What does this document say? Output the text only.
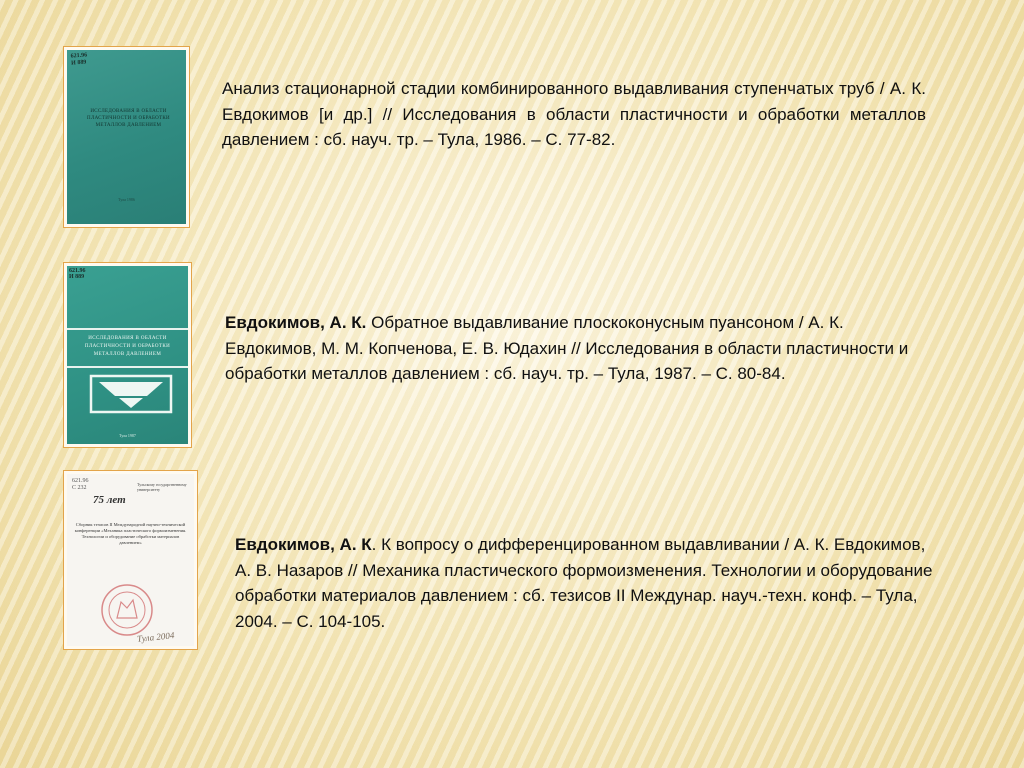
621.96
И 889
ИССЛЕДОВАНИЯ В ОБЛАСТИ ПЛАСТИЧНОСТИ И ОБРАБОТКИ МЕТАЛЛОВ ДАВЛЕНИЕМ
Тула 1986
621.96
И 889
ИССЛЕДОВАНИЯ В ОБЛАСТИ ПЛАСТИЧНОСТИ И ОБРАБОТКИ МЕТАЛЛОВ ДАВЛЕНИЕМ
Тула 1987
621.96
С 232
75 лет
Тульскому государственному университету
Сборник тезисов II Международной научно-технической конференции «Механика пластического формоизменения. Технологии и оборудование обработки материалов давлением»
Тула 2004
Анализ стационарной стадии комбинированного выдавливания ступенчатых труб / А. К. Евдокимов [и др.] // Исследования в области пластичности и обработки металлов давлением : сб. науч. тр. – Тула, 1986. – С. 77-82.
Евдокимов, А. К. Обратное выдавливание плоскоконусным пуансоном / А. К. Евдокимов, М. М. Копченова, Е. В. Юдахин // Исследования в области пластичности и обработки металлов давлением : сб. науч. тр. – Тула, 1987. – С. 80-84.
Евдокимов, А. К. К вопросу о дифференцированном выдавливании / А. К. Евдокимов, А. В. Назаров // Механика пластического формоизменения. Технологии и оборудование обработки материалов давлением : сб. тезисов II Междунар. науч.-техн. конф. – Тула, 2004. – С. 104-105.
